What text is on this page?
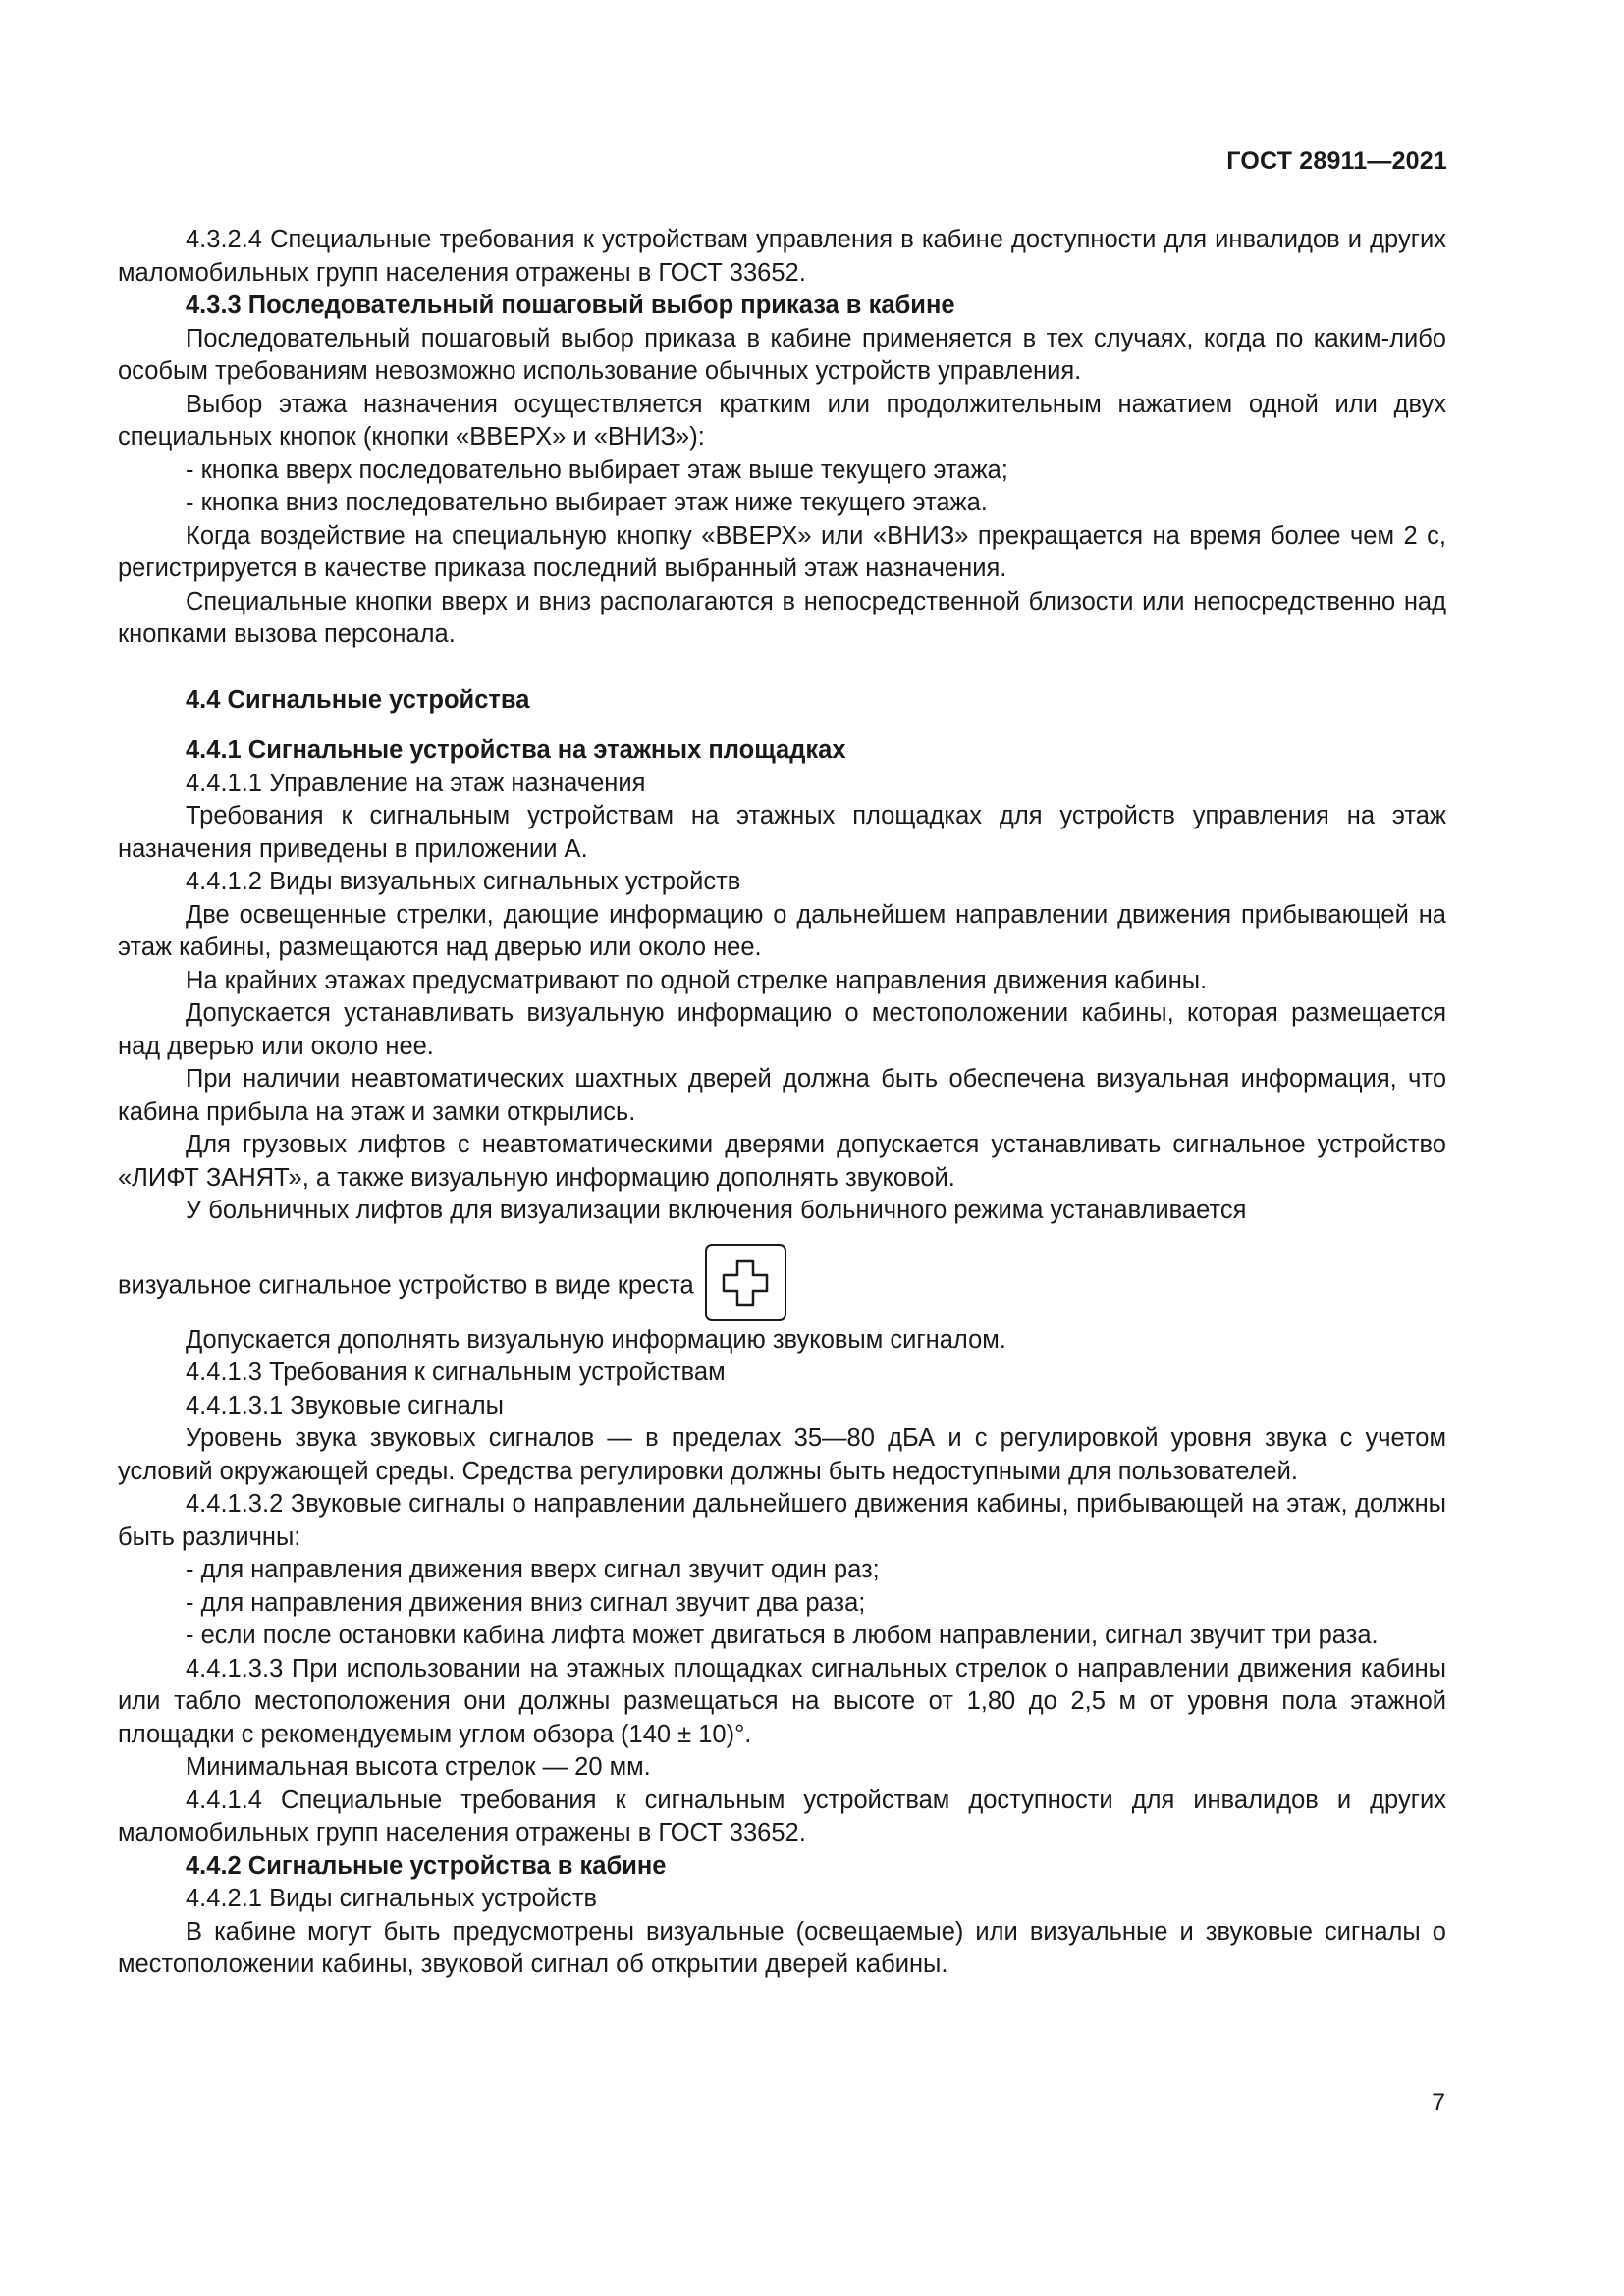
ГОСТ 28911—2021

4.3.2.4 Специальные требования к устройствам управления в кабине доступности для инвалидов и других маломобильных групп населения отражены в ГОСТ 33652.

4.3.3 Последовательный пошаговый выбор приказа в кабине

Последовательный пошаговый выбор приказа в кабине применяется в тех случаях, когда по каким-либо особым требованиям невозможно использование обычных устройств управления.

Выбор этажа назначения осуществляется кратким или продолжительным нажатием одной или двух специальных кнопок (кнопки «ВВЕРХ» и «ВНИЗ»):

- кнопка вверх последовательно выбирает этаж выше текущего этажа;

- кнопка вниз последовательно выбирает этаж ниже текущего этажа.

Когда воздействие на специальную кнопку «ВВЕРХ» или «ВНИЗ» прекращается на время более чем 2 с, регистрируется в качестве приказа последний выбранный этаж назначения.

Специальные кнопки вверх и вниз располагаются в непосредственной близости или непосредственно над кнопками вызова персонала.

4.4 Сигнальные устройства

4.4.1 Сигнальные устройства на этажных площадках

4.4.1.1 Управление на этаж назначения

Требования к сигнальным устройствам на этажных площадках для устройств управления на этаж назначения приведены в приложении А.

4.4.1.2 Виды визуальных сигнальных устройств

Две освещенные стрелки, дающие информацию о дальнейшем направлении движения прибывающей на этаж кабины, размещаются над дверью или около нее.

На крайних этажах предусматривают по одной стрелке направления движения кабины.

Допускается устанавливать визуальную информацию о местоположении кабины, которая размещается над дверью или около нее.

При наличии неавтоматических шахтных дверей должна быть обеспечена визуальная информация, что кабина прибыла на этаж и замки открылись.

Для грузовых лифтов с неавтоматическими дверями допускается устанавливать сигнальное устройство «ЛИФТ ЗАНЯТ», а также визуальную информацию дополнять звуковой.

У больничных лифтов для визуализации включения больничного режима устанавливается

визуальное сигнальное устройство в виде креста

Допускается дополнять визуальную информацию звуковым сигналом.

4.4.1.3 Требования к сигнальным устройствам

4.4.1.3.1 Звуковые сигналы

Уровень звука звуковых сигналов — в пределах 35—80 дБА и с регулировкой уровня звука с учетом условий окружающей среды. Средства регулировки должны быть недоступными для пользователей.

4.4.1.3.2 Звуковые сигналы о направлении дальнейшего движения кабины, прибывающей на этаж, должны быть различны:

- для направления движения вверх сигнал звучит один раз;

- для направления движения вниз сигнал звучит два раза;

- если после остановки кабина лифта может двигаться в любом направлении, сигнал звучит три раза.

4.4.1.3.3 При использовании на этажных площадках сигнальных стрелок о направлении движения кабины или табло местоположения они должны размещаться на высоте от 1,80 до 2,5 м от уровня пола этажной площадки с рекомендуемым углом обзора (140 ± 10)°.

Минимальная высота стрелок — 20 мм.

4.4.1.4 Специальные требования к сигнальным устройствам доступности для инвалидов и других маломобильных групп населения отражены в ГОСТ 33652.

4.4.2 Сигнальные устройства в кабине

4.4.2.1 Виды сигнальных устройств

В кабине могут быть предусмотрены визуальные (освещаемые) или визуальные и звуковые сигналы о местоположении кабины, звуковой сигнал об открытии дверей кабины.

7
